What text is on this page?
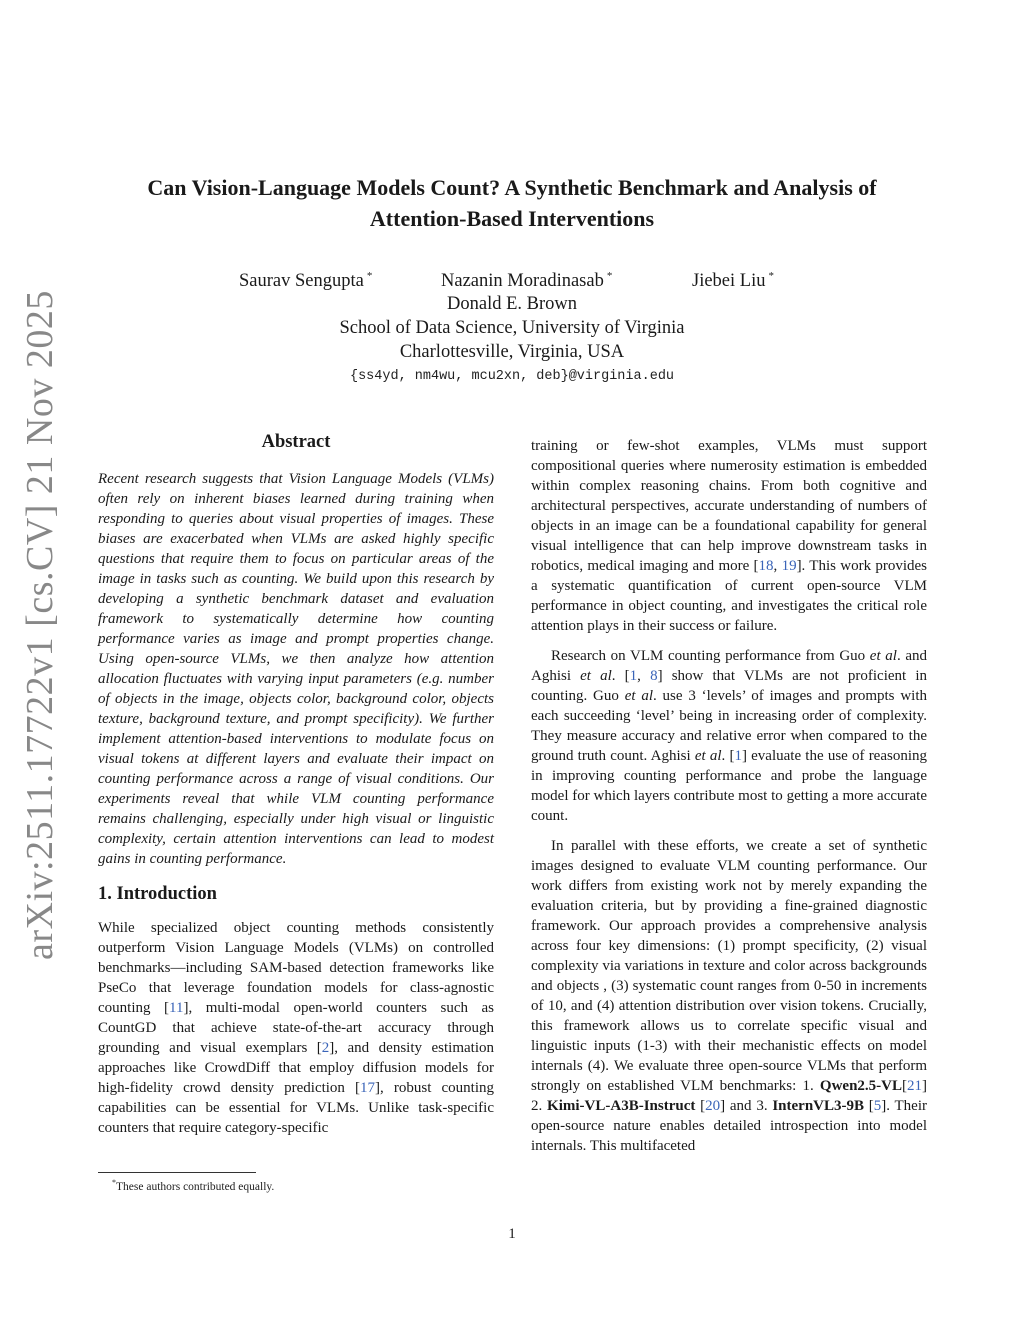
arXiv:2511.17722v1 [cs.CV] 21 Nov 2025
Can Vision-Language Models Count? A Synthetic Benchmark and Analysis of
Attention-Based Interventions
Saurav Sengupta *	Nazanin Moradinasab *	Jiebei Liu *
Donald E. Brown
School of Data Science, University of Virginia
Charlottesville, Virginia, USA
{ss4yd, nm4wu, mcu2xn, deb}@virginia.edu
Abstract

Recent research suggests that Vision Language Models (VLMs) often rely on inherent biases learned during training when responding to queries about visual properties of images. These biases are exacerbated when VLMs are asked highly specific questions that require them to focus on particular areas of the image in tasks such as counting. We build upon this research by developing a synthetic benchmark dataset and evaluation framework to systematically determine how counting performance varies as image and prompt properties change. Using open-source VLMs, we then analyze how attention allocation fluctuates with varying input parameters (e.g. number of objects in the image, objects color, background color, objects texture, background texture, and prompt specificity). We further implement attention-based interventions to modulate focus on visual tokens at different layers and evaluate their impact on counting performance across a range of visual conditions. Our experiments reveal that while VLM counting performance remains challenging, especially under high visual or linguistic complexity, certain attention interventions can lead to modest gains in counting performance.

1. Introduction

While specialized object counting methods consistently outperform Vision Language Models (VLMs) on controlled benchmarks—including SAM-based detection frameworks like PseCo that leverage foundation models for class-agnostic counting [11], multi-modal open-world counters such as CountGD that achieve state-of-the-art accuracy through grounding and visual exemplars [2], and density estimation approaches like CrowdDiff that employ diffusion models for high-fidelity crowd density prediction [17], robust counting capabilities can be essential for VLMs. Unlike task-specific counters that require category-specific

training or few-shot examples, VLMs must support compositional queries where numerosity estimation is embedded within complex reasoning chains. From both cognitive and architectural perspectives, accurate understanding of numbers of objects in an image can be a foundational capability for general visual intelligence that can help improve downstream tasks in robotics, medical imaging and more [18, 19]. This work provides a systematic quantification of current open-source VLM performance in object counting, and investigates the critical role attention plays in their success or failure.

Research on VLM counting performance from Guo et al. and Aghisi et al. [1, 8] show that VLMs are not proficient in counting. Guo et al. use 3 ‘levels’ of images and prompts with each succeeding ‘level’ being in increasing order of complexity. They measure accuracy and relative error when compared to the ground truth count. Aghisi et al. [1] evaluate the use of reasoning in improving counting performance and probe the language model for which layers contribute most to getting a more accurate count.

In parallel with these efforts, we create a set of synthetic images designed to evaluate VLM counting performance. Our work differs from existing work not by merely expanding the evaluation criteria, but by providing a fine-grained diagnostic framework. Our approach provides a comprehensive analysis across four key dimensions: (1) prompt specificity, (2) visual complexity via variations in texture and color across backgrounds and objects , (3) systematic count ranges from 0-50 in increments of 10, and (4) attention distribution over vision tokens. Crucially, this framework allows us to correlate specific visual and linguistic inputs (1-3) with their mechanistic effects on model internals (4). We evaluate three open-source VLMs that perform strongly on established VLM benchmarks: 1. Qwen2.5-VL[21] 2. Kimi-VL-A3B-Instruct [20] and 3. InternVL3-9B [5]. Their open-source nature enables detailed introspection into model internals. This multifaceted

*These authors contributed equally.
1
